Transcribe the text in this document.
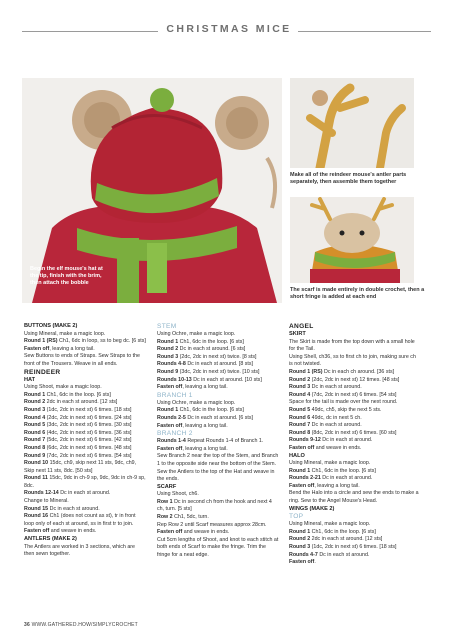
CHRISTMAS MICE
Begin the elf mouse's hat at the tip, finish with the brim, then attach the bobble
Make all of the reindeer mouse's antler parts separately, then assemble them together
The scarf is made entirely in double crochet, then a short fringe is added at each end

BUTTONS (MAKE 2)

Using Mineral, make a magic loop.

Round 1 (RS) Ch1, 6dc in loop, ss to beg dc. [6 sts]

Fasten off, leaving a long tail.

Sew Buttons to ends of Straps. Sew Straps to the front of the Trousers. Weave in all ends.

REINDEER

HAT

Using Shoot, make a magic loop.

Round 1 Ch1, 6dc in the loop. [6 sts]

Round 2 2dc in each st around. [12 sts]

Round 3 (1dc, 2dc in next st) 6 times. [18 sts]

Round 4 (2dc, 2dc in next st) 6 times. [24 sts]

Round 5 (3dc, 2dc in next st) 6 times. [30 sts]

Round 6 (4dc, 2dc in next st) 6 times. [36 sts]

Round 7 (5dc, 2dc in next st) 6 times. [42 sts]

Round 8 (6dc, 2dc in next st) 6 times. [48 sts]

Round 9 (7dc, 2dc in next st) 6 times. [54 sts]

Round 10 15dc, ch9, skip next 11 sts, 9dc, ch9, Skip next 11 sts, 8dc. [50 sts]

Round 11 15dc, 9dc in ch-9 sp, 9dc, 9dc in ch-9 sp, 8dc.

Rounds 12-14 Dc in each st around.

Change to Mineral.

Round 15 Dc in each st around.

Round 16 Ch1 (does not count as st), tr in front loop only of each st around, ss in first tr to join.

Fasten off and weave in ends.

ANTLERS (MAKE 2)

The Antlers are worked in 3 sections, which are then sewn together.

STEM

Using Ochre, make a magic loop.

Round 1 Ch1, 6dc in the loop. [6 sts]

Round 2 Dc in each st around. [6 sts]

Round 3 (2dc, 2dc in next st) twice. [8 sts]

Rounds 4-8 Dc in each st around. [8 sts]

Round 9 (3dc, 2dc in next st) twice. [10 sts]

Rounds 10-13 Dc in each st around. [10 sts]

Fasten off, leaving a long tail.

BRANCH 1

Using Ochre, make a magic loop.

Round 1 Ch1, 6dc in the loop. [6 sts]

Rounds 2-5 Dc in each st around. [6 sts]

Fasten off, leaving a long tail.

BRANCH 2

Rounds 1-4 Repeat Rounds 1-4 of Branch 1.

Fasten off, leaving a long tail.

Sew Branch 2 near the top of the Stem, and Branch 1 to the opposite side near the bottom of the Stem. Sew the Antlers to the top of the Hat and weave in the ends.

SCARF

Using Shoot, ch6.

Row 1 Dc in second ch from the hook and next 4 ch, turn. [5 sts]

Row 2 Ch1, 5dc, turn.

Rep Row 2 until Scarf measures approx 28cm.

Fasten off and weave in ends.

Cut 5cm lengths of Shoot, and knot to each stitch at both ends of Scarf to make the fringe. Trim the fringe for a neat edge.

ANGEL

SKIRT

The Skirt is made from the top down with a small hole for the Tail.

Using Shell, ch36, ss to first ch to join, making sure ch is not twisted.

Round 1 (RS) Dc in each ch around. [36 sts]

Round 2 (2dc, 2dc in next st) 12 times. [48 sts]

Round 3 Dc in each st around.

Round 4 (7dc, 2dc in next st) 6 times. [54 sts]

Space for the tail is made over the next round.

Round 5 49dc, ch5, skip the next 5 sts.

Round 6 49dc, dc in next 5 ch.

Round 7 Dc in each st around.

Round 8 (8dc, 2dc in next st) 6 times. [60 sts]

Rounds 9-12 Dc in each st around.

Fasten off and weave in ends.

HALO

Using Mineral, make a magic loop.

Round 1 Ch1, 6dc in the loop. [6 sts]

Rounds 2-21 Dc in each st around.

Fasten off, leaving a long tail.

Bend the Halo into a circle and sew the ends to make a ring. Sew to the Angel Mouse's Head.

WINGS (MAKE 2)

TOP

Using Mineral, make a magic loop.

Round 1 Ch1, 6dc in the loop. [6 sts]

Round 2 2dc in each st around. [12 sts]

Round 3 (1dc, 2dc in next st) 6 times. [18 sts]

Rounds 4-7 Dc in each st around.

Fasten off.

36 WWW.GATHERED.HOW/SIMPLYCROCHET
